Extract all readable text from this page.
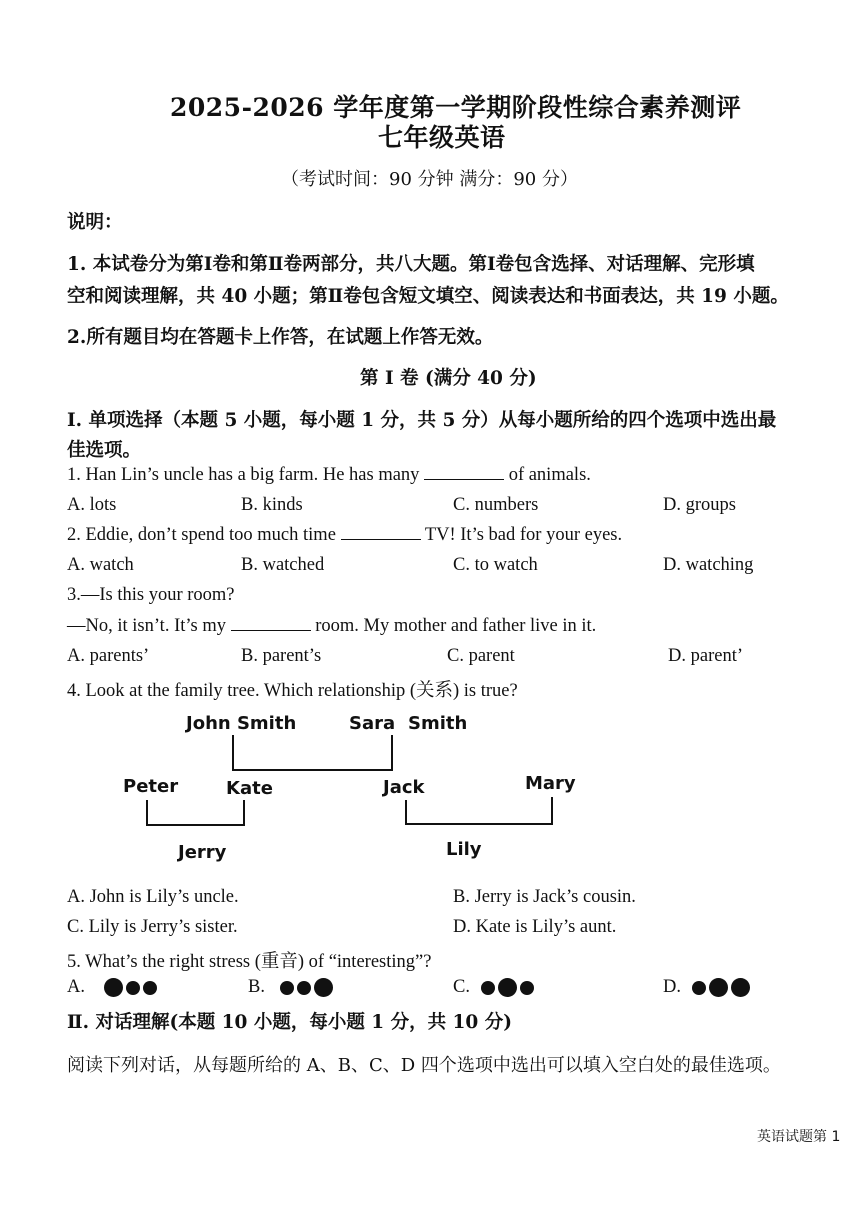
2025-2026 学年度第一学期阶段性综合素养测评
七年级英语
（考试时间：90 分钟 满分：90 分）
说明：
1. 本试卷分为第Ⅰ卷和第Ⅱ卷两部分，共八大题。第Ⅰ卷包含选择、对话理解、完形填
空和阅读理解，共 40 小题；第Ⅱ卷包含短文填空、阅读表达和书面表达，共 19 小题。
2.所有题目均在答题卡上作答，在试题上作答无效。
第 I 卷 (满分 40 分)
Ⅰ. 单项选择（本题 5 小题，每小题 1 分，共 5 分）从每小题所给的四个选项中选出最
佳选项。
1. Han Lin’s uncle has a big farm. He has many	of animals.
A. lots	B. kinds	C. numbers	D. groups
2. Eddie, don’t spend too much time	TV! It’s bad for your eyes.
A. watch	B. watched	C. to watch	D. watching
3.—Is this your room?
—No, it isn’t. It’s my	room. My mother and father live in it.
A. parents’	B. parent’s	C. parent	D. parent’
4. Look at the family tree. Which relationship (关系) is true?
John Smith	Sara Smith
Peter	Kate	Jack	Mary
Jerry	Lily
A. John is Lily’s uncle.	B. Jerry is Jack’s cousin.
C. Lily is Jerry’s sister.	D. Kate is Lily’s aunt.
5. What’s the right stress (重音) of “interesting”?
A.	B.	C.	D.
Ⅱ. 对话理解(本题 10 小题，每小题 1 分，共 10 分)
阅读下列对话，从每题所给的 A、B、C、D 四个选项中选出可以填入空白处的最佳选项。
英语试题第 1
